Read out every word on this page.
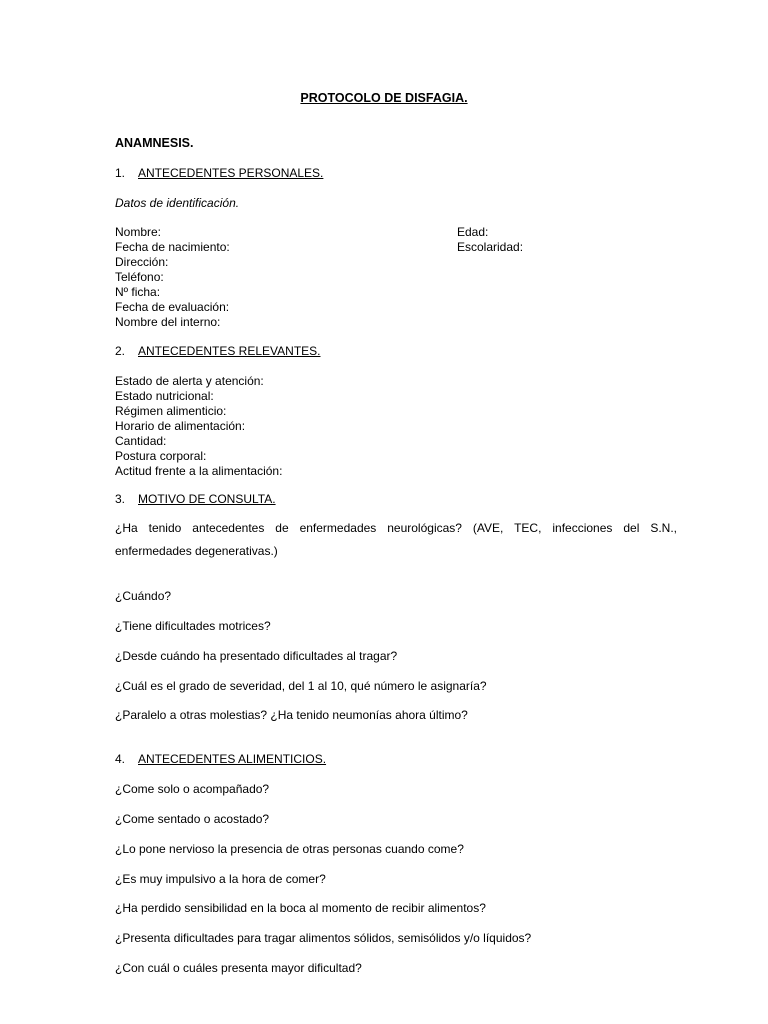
PROTOCOLO DE DISFAGIA.
ANAMNESIS.
1. ANTECEDENTES PERSONALES.
Datos de identificación.
Nombre:
Fecha de nacimiento:
Dirección:
Teléfono:
Nº ficha:
Fecha de evaluación:
Nombre del interno:
Edad:
Escolaridad:
2. ANTECEDENTES RELEVANTES.
Estado de alerta y atención:
Estado nutricional:
Régimen alimenticio:
Horario de alimentación:
Cantidad:
Postura corporal:
Actitud frente a la alimentación:
3. MOTIVO DE CONSULTA.
¿Ha tenido antecedentes de enfermedades neurológicas? (AVE, TEC, infecciones del S.N.,
enfermedades degenerativas.)
¿Cuándo?
¿Tiene dificultades motrices?
¿Desde cuándo ha presentado dificultades al tragar?
¿Cuál es el grado de severidad, del 1 al 10, qué número le asignaría?
¿Paralelo a otras molestias? ¿Ha tenido neumonías ahora último?
4. ANTECEDENTES ALIMENTICIOS.
¿Come solo o acompañado?
¿Come sentado o acostado?
¿Lo pone nervioso la presencia de otras personas cuando come?
¿Es muy impulsivo a la hora de comer?
¿Ha perdido sensibilidad en la boca al momento de recibir alimentos?
¿Presenta dificultades para tragar alimentos sólidos, semisólidos y/o líquidos?
¿Con cuál o cuáles presenta mayor dificultad?
